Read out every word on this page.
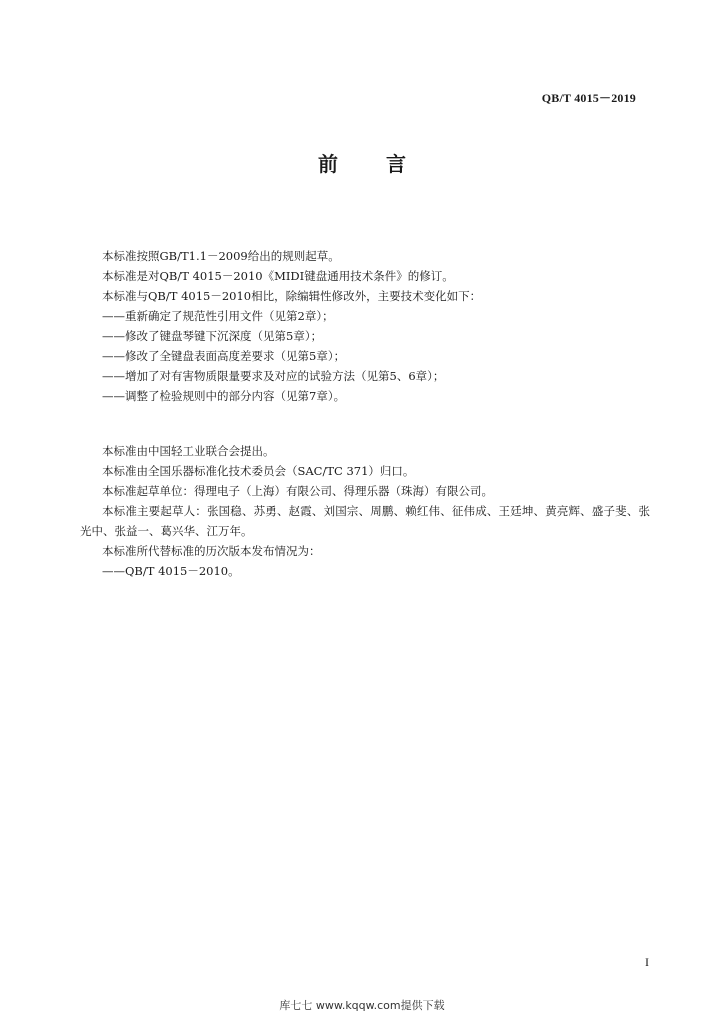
QB/T 4015－2019
前　言

本标准按照GB/T1.1－2009给出的规则起草。

本标准是对QB/T 4015－2010《MIDI键盘通用技术条件》的修订。

本标准与QB/T 4015－2010相比，除编辑性修改外，主要技术变化如下：

——重新确定了规范性引用文件（见第2章）；

——修改了键盘琴键下沉深度（见第5章）；

——修改了全键盘表面高度差要求（见第5章）；

——增加了对有害物质限量要求及对应的试验方法（见第5、6章）；

——调整了检验规则中的部分内容（见第7章）。

本标准由中国轻工业联合会提出。

本标准由全国乐器标准化技术委员会（SAC/TC 371）归口。

本标准起草单位：得理电子（上海）有限公司、得理乐器（珠海）有限公司。

本标准主要起草人：张国稳、苏勇、赵霞、刘国宗、周鹏、赖红伟、征伟成、王廷坤、黄亮辉、盛子斐、张光中、张益一、葛兴华、江万年。

本标准所代替标准的历次版本发布情况为：

——QB/T 4015－2010。

I
库七七 www.kqqw.com提供下载
